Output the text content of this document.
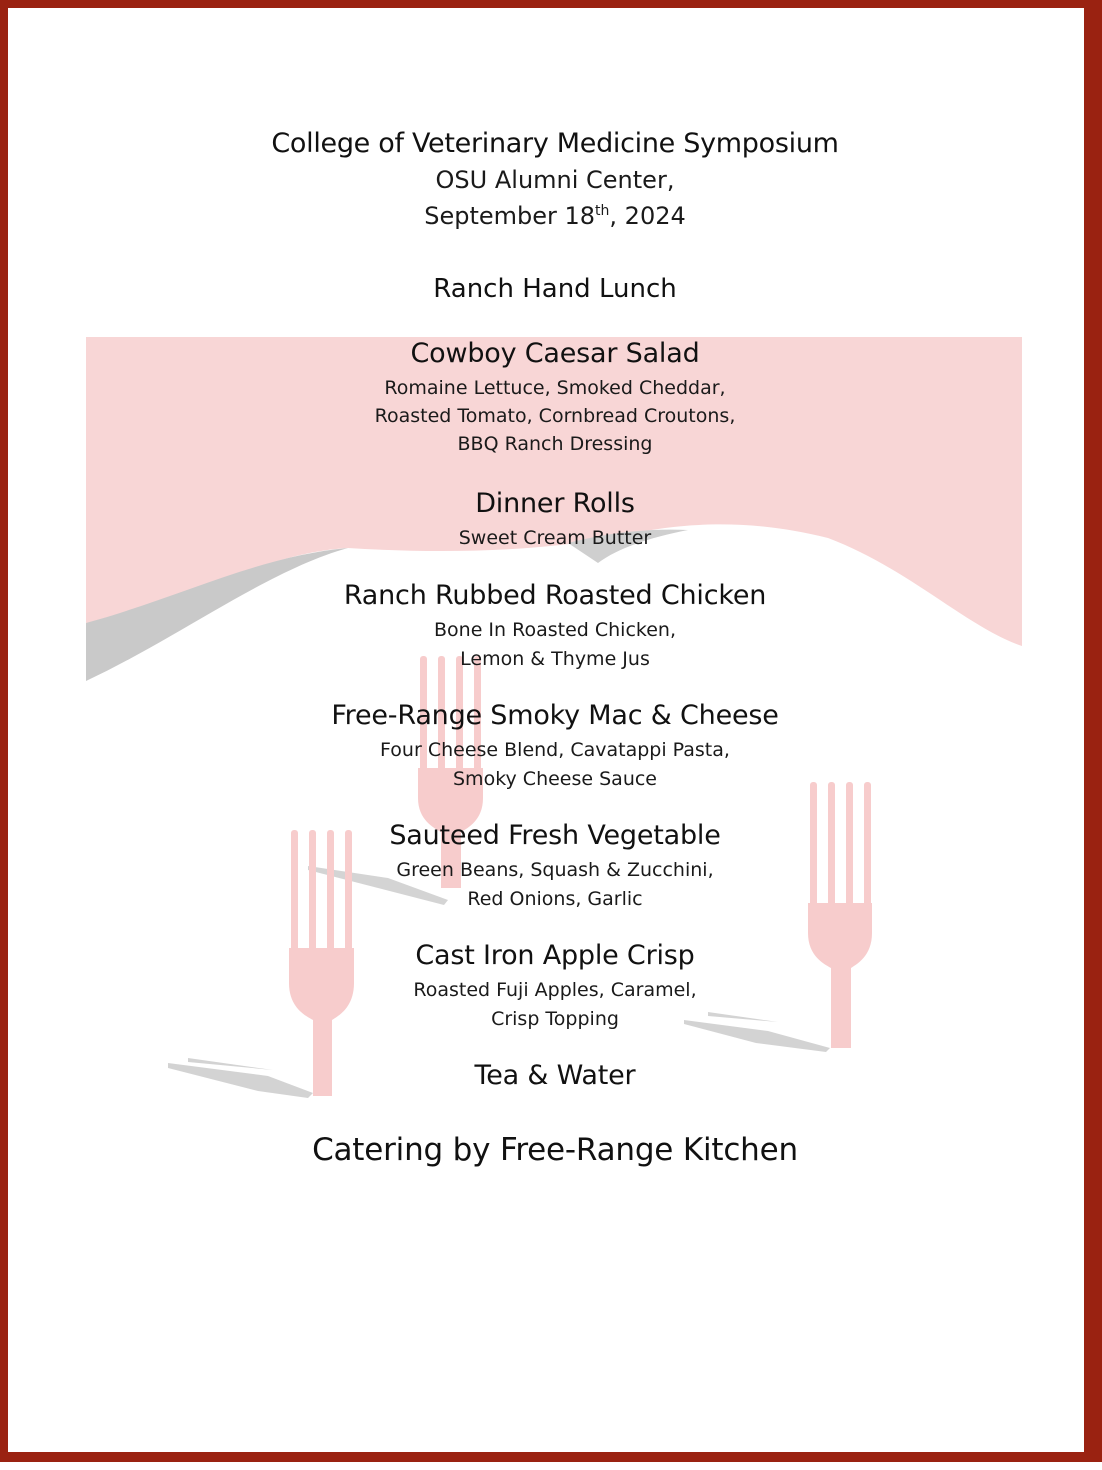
College of Veterinary Medicine Symposium
OSU Alumni Center,
September 18th, 2024
Ranch Hand Lunch
Cowboy Caesar Salad
Romaine Lettuce, Smoked Cheddar,
Roasted Tomato, Cornbread Croutons,
BBQ Ranch Dressing
Dinner Rolls
Sweet Cream Butter
Ranch Rubbed Roasted Chicken
Bone In Roasted Chicken,
Lemon & Thyme Jus
Free-Range Smoky Mac & Cheese
Four Cheese Blend, Cavatappi Pasta,
Smoky Cheese Sauce
Sauteed Fresh Vegetable
Green Beans, Squash & Zucchini,
Red Onions, Garlic
Cast Iron Apple Crisp
Roasted Fuji Apples, Caramel,
Crisp Topping
Tea & Water
Catering by Free-Range Kitchen
